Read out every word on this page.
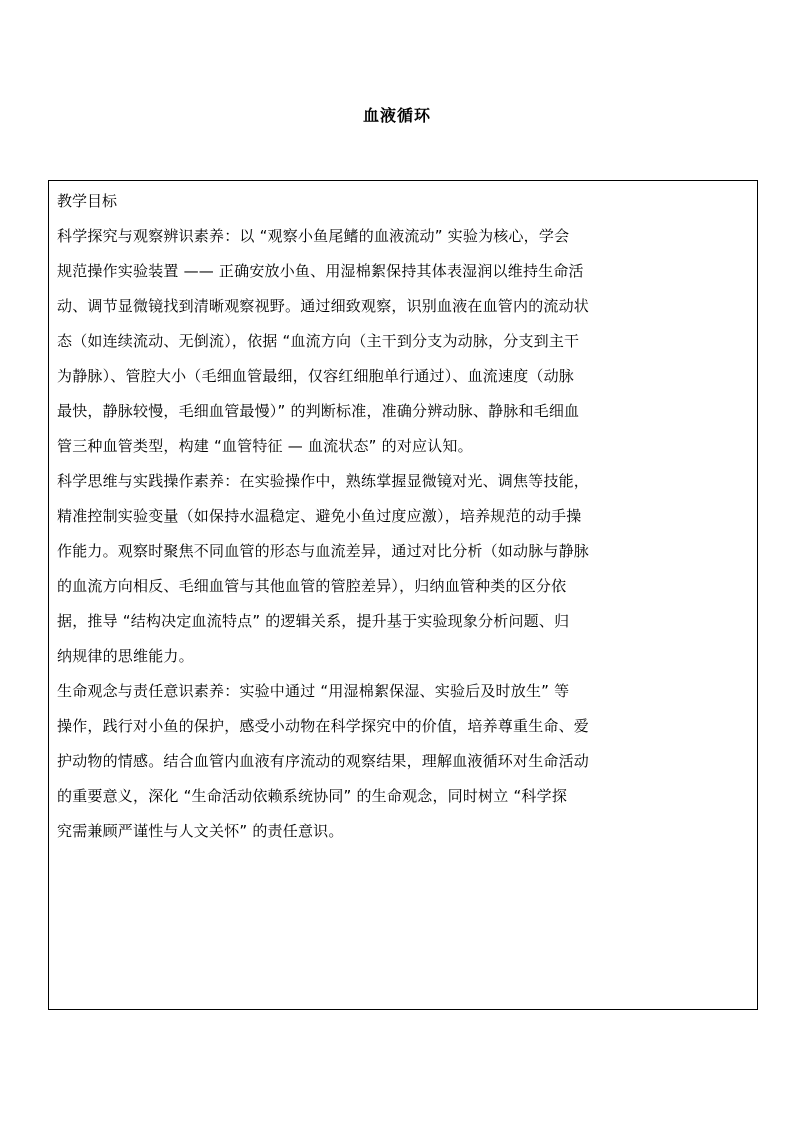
血液循环
教学目标
科学探究与观察辨识素养：以 “观察小鱼尾鳍的血液流动” 实验为核心，学会
规范操作实验装置 —— 正确安放小鱼、用湿棉絮保持其体表湿润以维持生命活
动、调节显微镜找到清晰观察视野。通过细致观察，识别血液在血管内的流动状
态（如连续流动、无倒流），依据 “血流方向（主干到分支为动脉，分支到主干
为静脉）、管腔大小（毛细血管最细，仅容红细胞单行通过）、血流速度（动脉
最快，静脉较慢，毛细血管最慢）” 的判断标准，准确分辨动脉、静脉和毛细血
管三种血管类型，构建 “血管特征 — 血流状态” 的对应认知。
科学思维与实践操作素养：在实验操作中，熟练掌握显微镜对光、调焦等技能，
精准控制实验变量（如保持水温稳定、避免小鱼过度应激），培养规范的动手操
作能力。观察时聚焦不同血管的形态与血流差异，通过对比分析（如动脉与静脉
的血流方向相反、毛细血管与其他血管的管腔差异），归纳血管种类的区分依
据，推导 “结构决定血流特点” 的逻辑关系，提升基于实验现象分析问题、归
纳规律的思维能力。
生命观念与责任意识素养：实验中通过 “用湿棉絮保湿、实验后及时放生” 等
操作，践行对小鱼的保护，感受小动物在科学探究中的价值，培养尊重生命、爱
护动物的情感。结合血管内血液有序流动的观察结果，理解血液循环对生命活动
的重要意义，深化 “生命活动依赖系统协同” 的生命观念，同时树立 “科学探
究需兼顾严谨性与人文关怀” 的责任意识。
